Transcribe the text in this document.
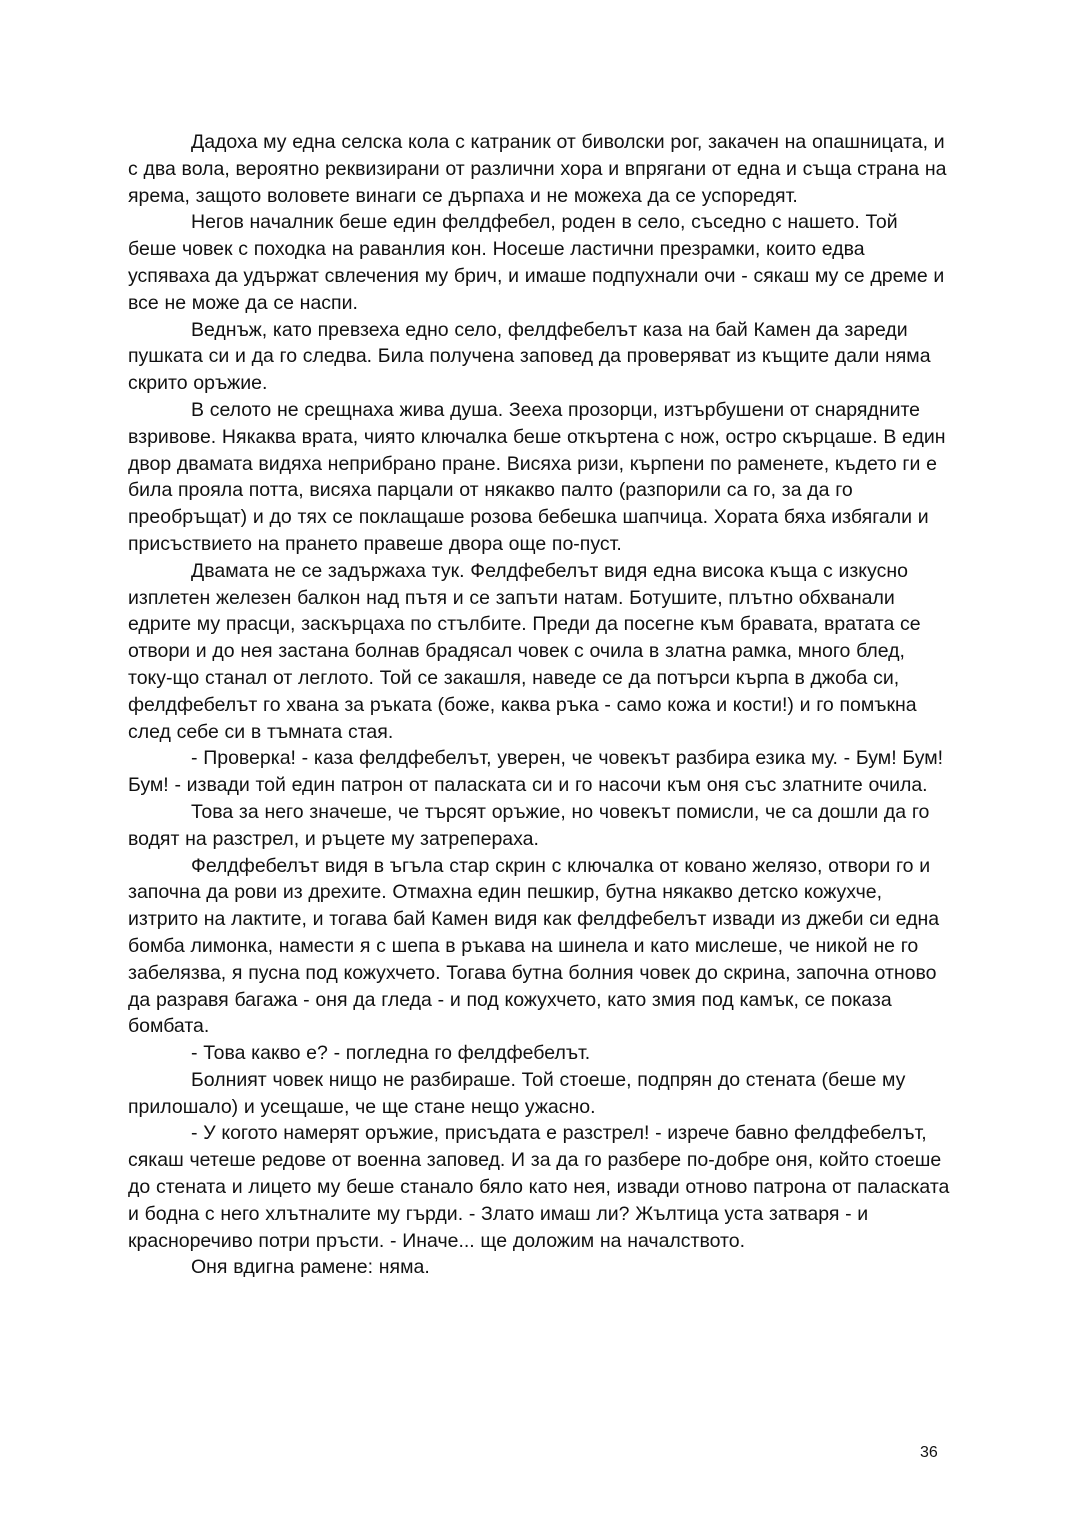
Дадоха му една селска кола с катраник от биволски рог, закачен на опашницата, и с два вола, вероятно реквизирани от различни хора и впрягани от една и съща страна на ярема, защото воловете винаги се дърпаха и не можеха да се успоредят.

Негов началник беше един фелдфебел, роден в село, съседно с нашето. Той беше човек с походка на раванлия кон. Носеше ластични презрамки, които едва успяваха да удържат свлечения му брич, и имаше подпухнали очи - сякаш му се дреме и все не може да се наспи.

Веднъж, като превзеха едно село, фелдфебелът каза на бай Камен да зареди пушката си и да го следва. Била получена заповед да проверяват из къщите дали няма скрито оръжие.

В селото не срещнаха жива душа. Зееха прозорци, изтърбушени от снарядните взривове. Някаква врата, чиято ключалка беше откъртена с нож, остро скърцаше. В един двор двамата видяха неприбрано пране. Висяха ризи, кърпени по раменете, където ги е била прояла потта, висяха парцали от някакво палто (разпорили са го, за да го преобръщат) и до тях се поклащаше розова бебешка шапчица. Хората бяха избягали и присъствието на прането правеше двора още по-пуст.

Двамата не се задържаха тук. Фелдфебелът видя една висока къща с изкусно изплетен железен балкон над пътя и се запъти натам. Ботушите, плътно обхванали едрите му прасци, заскърцаха по стълбите. Преди да посегне към бравата, вратата се отвори и до нея застана болнав брадясал човек с очила в златна рамка, много блед, току-що станал от леглото. Той се закашля, наведе се да потърси кърпа в джоба си, фелдфебелът го хвана за ръката (боже, каква ръка - само кожа и кости!) и го помъкна след себе си в тъмната стая.

- Проверка! - каза фелдфебелът, уверен, че човекът разбира езика му. - Бум! Бум! Бум! - извади той един патрон от паласката си и го насочи към оня със златните очила.

Това за него значеше, че търсят оръжие, но човекът помисли, че са дошли да го водят на разстрел, и ръцете му затреперaха.

Фелдфебелът видя в ъгъла стар скрин с ключалка от ковано желязо, отвори го и започна да рови из дрехите. Отмахна един пешкир, бутна някакво детско кожухче, изтрито на лактите, и тогава бай Камен видя как фелдфебелът извади из джеби си една бомба лимонка, намести я с шепа в ръкава на шинела и като мислеше, че никой не го забелязва, я пусна под кожухчето. Тогава бутна болния човек до скрина, започна отново да разравя багажа - оня да гледа - и под кожухчето, като змия под камък, се показа бомбата.

- Това какво е? - погледна го фелдфебелът.

Болният човек нищо не разбираше. Той стоеше, подпрян до стената (беше му прилошало) и усещаше, че ще стане нещо ужасно.

- У когото намерят оръжие, присъдата е разстрел! - изрече бавно фелдфебелът, сякаш четеше редове от военна заповед. И за да го разбере по-добре оня, който стоеше до стената и лицето му беше станало бяло като нея, извади отново патрона от паласката и бодна с него хлътналите му гърди. - Злато имаш ли? Жълтица уста затваря - и красноречиво потри пръсти. - Иначе... ще доложим на началството.

Оня вдигна рамене: няма.

36
